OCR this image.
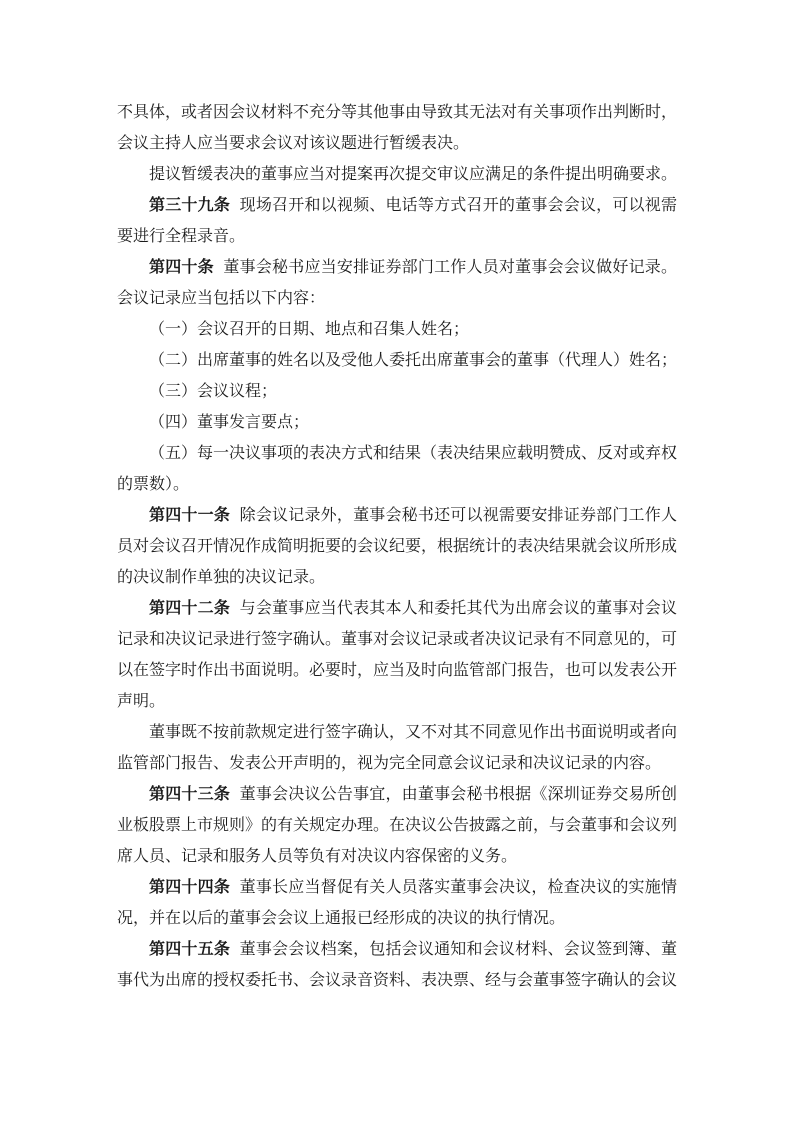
不具体，或者因会议材料不充分等其他事由导致其无法对有关事项作出判断时，会议主持人应当要求会议对该议题进行暂缓表决。

提议暂缓表决的董事应当对提案再次提交审议应满足的条件提出明确要求。

第三十九条 现场召开和以视频、电话等方式召开的董事会会议，可以视需要进行全程录音。

第四十条 董事会秘书应当安排证券部门工作人员对董事会会议做好记录。会议记录应当包括以下内容：

（一）会议召开的日期、地点和召集人姓名；

（二）出席董事的姓名以及受他人委托出席董事会的董事（代理人）姓名；

（三）会议议程；

（四）董事发言要点；

（五）每一决议事项的表决方式和结果（表决结果应载明赞成、反对或弃权的票数）。

第四十一条 除会议记录外，董事会秘书还可以视需要安排证券部门工作人员对会议召开情况作成简明扼要的会议纪要，根据统计的表决结果就会议所形成的决议制作单独的决议记录。

第四十二条 与会董事应当代表其本人和委托其代为出席会议的董事对会议记录和决议记录进行签字确认。董事对会议记录或者决议记录有不同意见的，可以在签字时作出书面说明。必要时，应当及时向监管部门报告，也可以发表公开声明。

董事既不按前款规定进行签字确认，又不对其不同意见作出书面说明或者向监管部门报告、发表公开声明的，视为完全同意会议记录和决议记录的内容。

第四十三条 董事会决议公告事宜，由董事会秘书根据《深圳证券交易所创业板股票上市规则》的有关规定办理。在决议公告披露之前，与会董事和会议列席人员、记录和服务人员等负有对决议内容保密的义务。

第四十四条 董事长应当督促有关人员落实董事会决议，检查决议的实施情况，并在以后的董事会会议上通报已经形成的决议的执行情况。

第四十五条 董事会会议档案，包括会议通知和会议材料、会议签到簿、董事代为出席的授权委托书、会议录音资料、表决票、经与会董事签字确认的会议
